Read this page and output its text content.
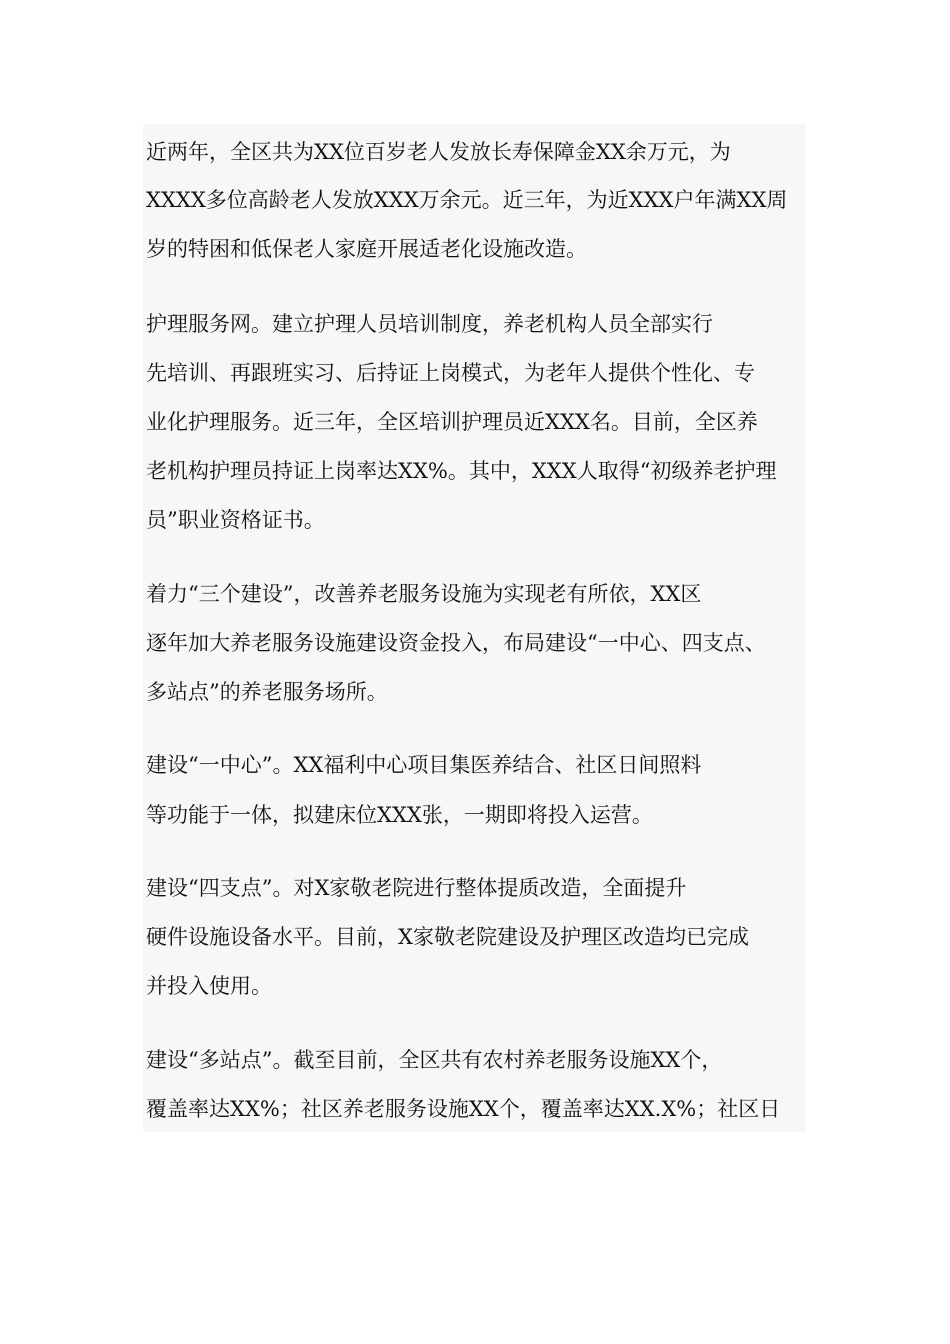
近两年，全区共为XX位百岁老人发放长寿保障金XX余万元，为

XXXX多位高龄老人发放XXX万余元。近三年，为近XXX户年满XX周

岁的特困和低保老人家庭开展适老化设施改造。

护理服务网。建立护理人员培训制度，养老机构人员全部实行

先培训、再跟班实习、后持证上岗模式，为老年人提供个性化、专

业化护理服务。近三年，全区培训护理员近XXX名。目前，全区养

老机构护理员持证上岗率达XX%。其中，XXX人取得“初级养老护理

员”职业资格证书。

着力“三个建设”，改善养老服务设施为实现老有所依，XX区

逐年加大养老服务设施建设资金投入，布局建设“一中心、四支点、

多站点”的养老服务场所。

建设“一中心”。XX福利中心项目集医养结合、社区日间照料

等功能于一体，拟建床位XXX张，一期即将投入运营。

建设“四支点”。对X家敬老院进行整体提质改造，全面提升

硬件设施设备水平。目前，X家敬老院建设及护理区改造均已完成

并投入使用。

建设“多站点”。截至目前，全区共有农村养老服务设施XX个，

覆盖率达XX%；社区养老服务设施XX个，覆盖率达XX.X%；社区日
